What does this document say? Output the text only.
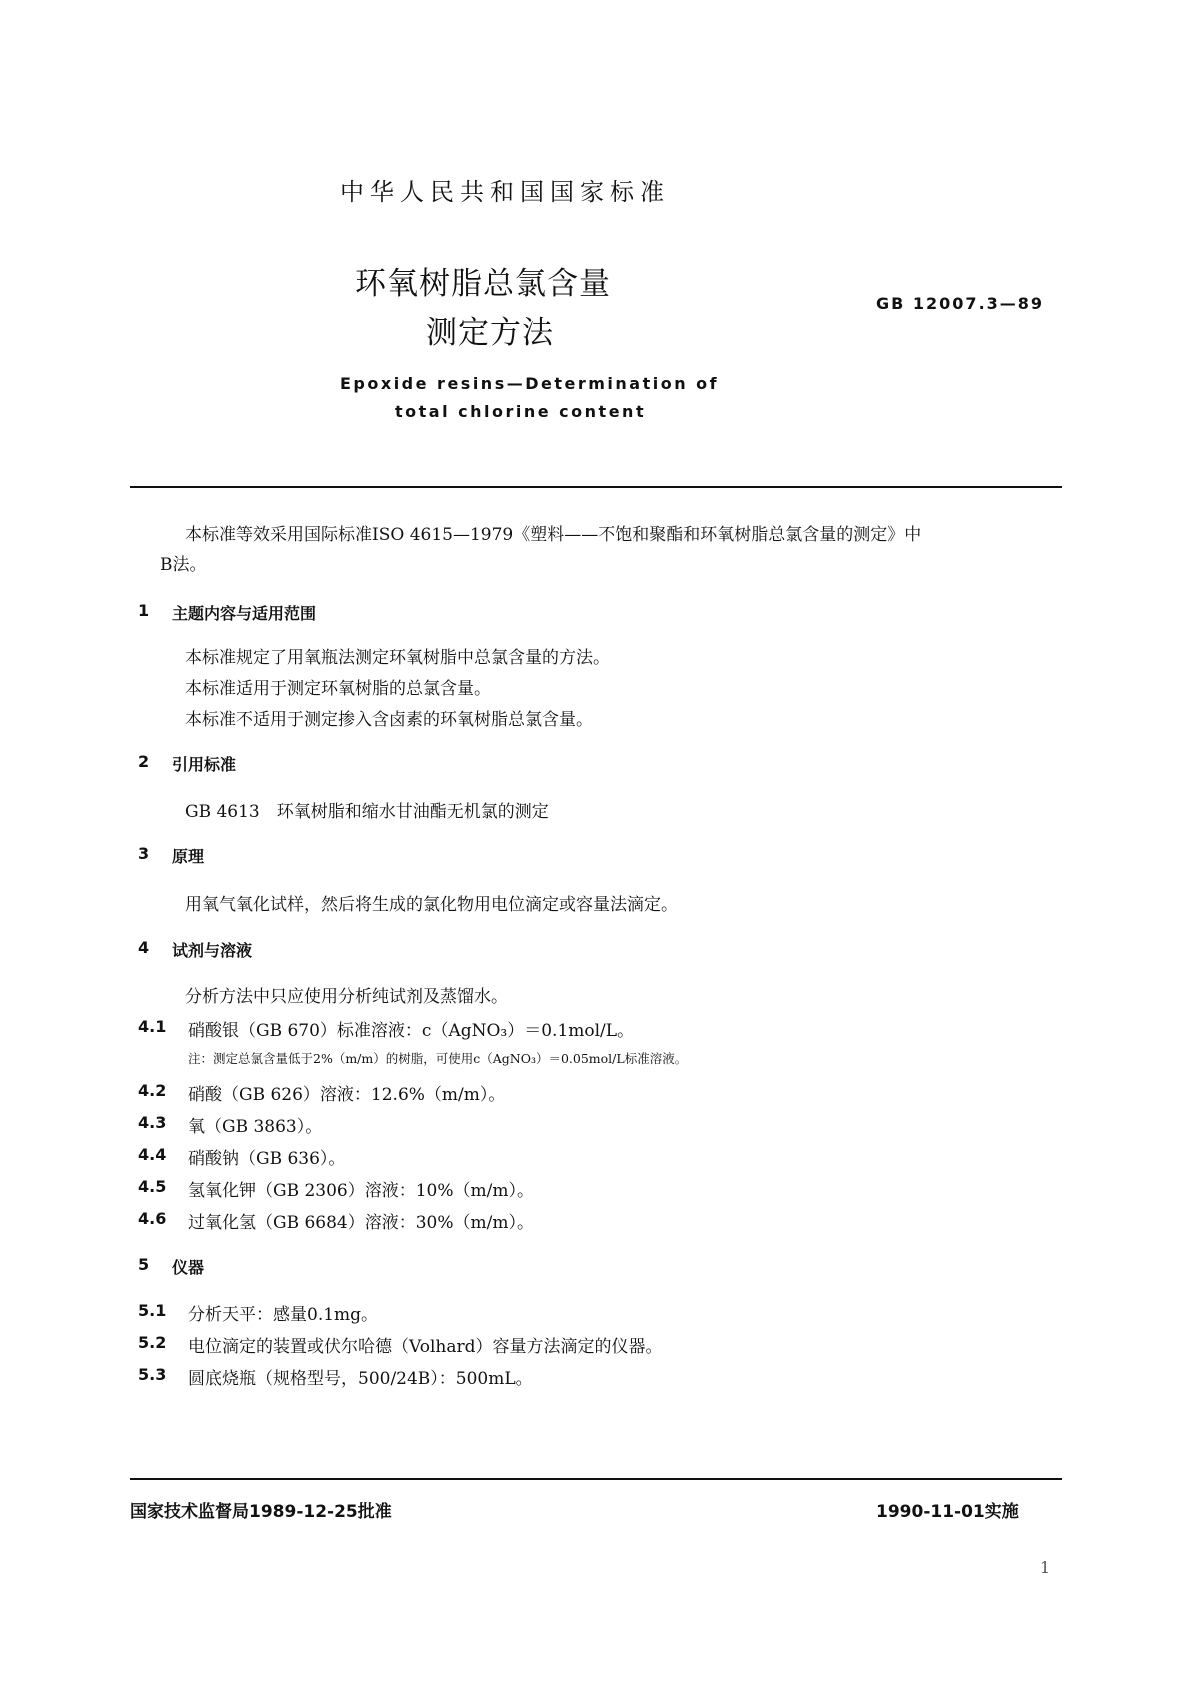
中华人民共和国国家标准
环氧树脂总氯含量
测定方法
GB 12007.3—89
Epoxide resins—Determination of
total chlorine content
本标准等效采用国际标准ISO 4615—1979《塑料——不饱和聚酯和环氧树脂总氯含量的测定》中
B法。
1 主题内容与适用范围
本标准规定了用氧瓶法测定环氧树脂中总氯含量的方法。
本标准适用于测定环氧树脂的总氯含量。
本标准不适用于测定掺入含卤素的环氧树脂总氯含量。
2 引用标准
GB 4613　环氧树脂和缩水甘油酯无机氯的测定
3 原理
用氧气氧化试样，然后将生成的氯化物用电位滴定或容量法滴定。
4 试剂与溶液
分析方法中只应使用分析纯试剂及蒸馏水。
4.1 硝酸银（GB 670）标准溶液：c（AgNO₃）＝0.1mol/L。
注：测定总氯含量低于2%（m/m）的树脂，可使用c（AgNO₃）＝0.05mol/L标准溶液。
4.2 硝酸（GB 626）溶液：12.6%（m/m）。
4.3 氧（GB 3863）。
4.4 硝酸钠（GB 636）。
4.5 氢氧化钾（GB 2306）溶液：10%（m/m）。
4.6 过氧化氢（GB 6684）溶液：30%（m/m）。
5 仪器
5.1 分析天平：感量0.1mg。
5.2 电位滴定的装置或伏尔哈德（Volhard）容量方法滴定的仪器。
5.3 圆底烧瓶（规格型号，500/24B）：500mL。
国家技术监督局1989-12-25批准	1990-11-01实施
1
